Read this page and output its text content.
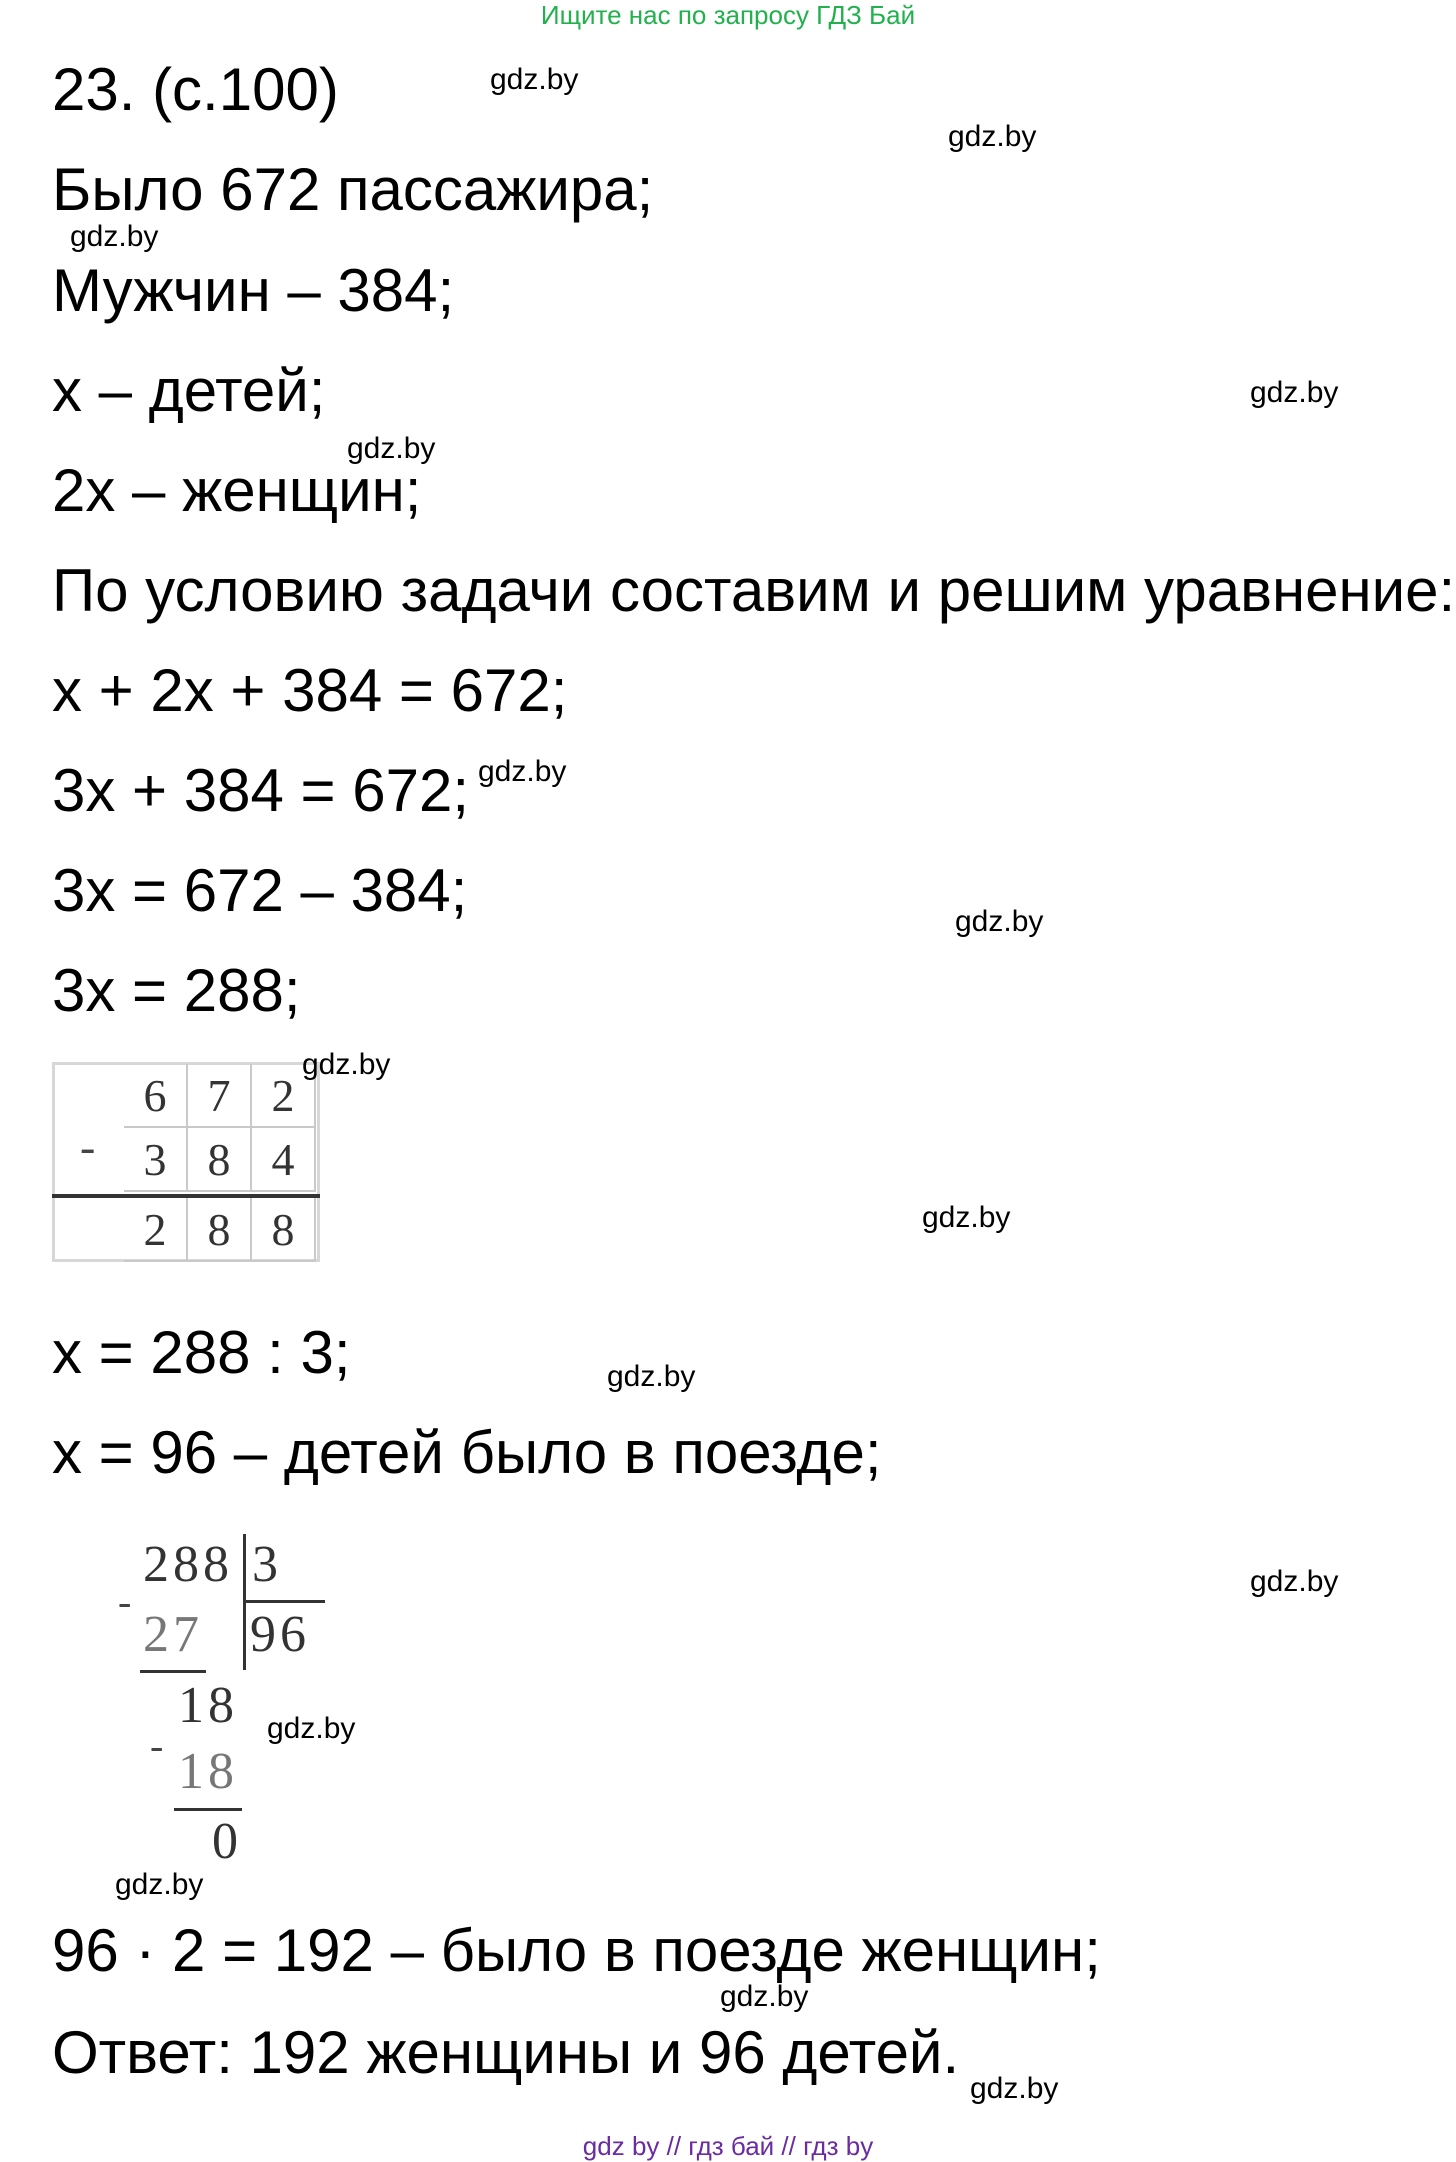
Ищите нас по запросу ГДЗ Бай
23. (с.100)
Было 672 пассажира;
Мужчин – 384;
x – детей;
2x – женщин;
По условию задачи составим и решим уравнение:
x + 2x + 384 = 672;
3x + 384 = 672;
3x = 672 – 384;
3x = 288;
-
6 7 2
3 8 4
2 8 8
x = 288 : 3;
x = 96 – детей было в поезде;
288 3
-
27 96
18
- 18
0
96 · 2 = 192 – было в поезде женщин;
Ответ: 192 женщины и 96 детей.
gdz.by
gdz.by
gdz.by
gdz.by
gdz.by
gdz.by
gdz.by
gdz.by
gdz.by
gdz.by
gdz.by
gdz.by
gdz.by
gdz.by
gdz.by
gdz by // гдз бай // гдз by
